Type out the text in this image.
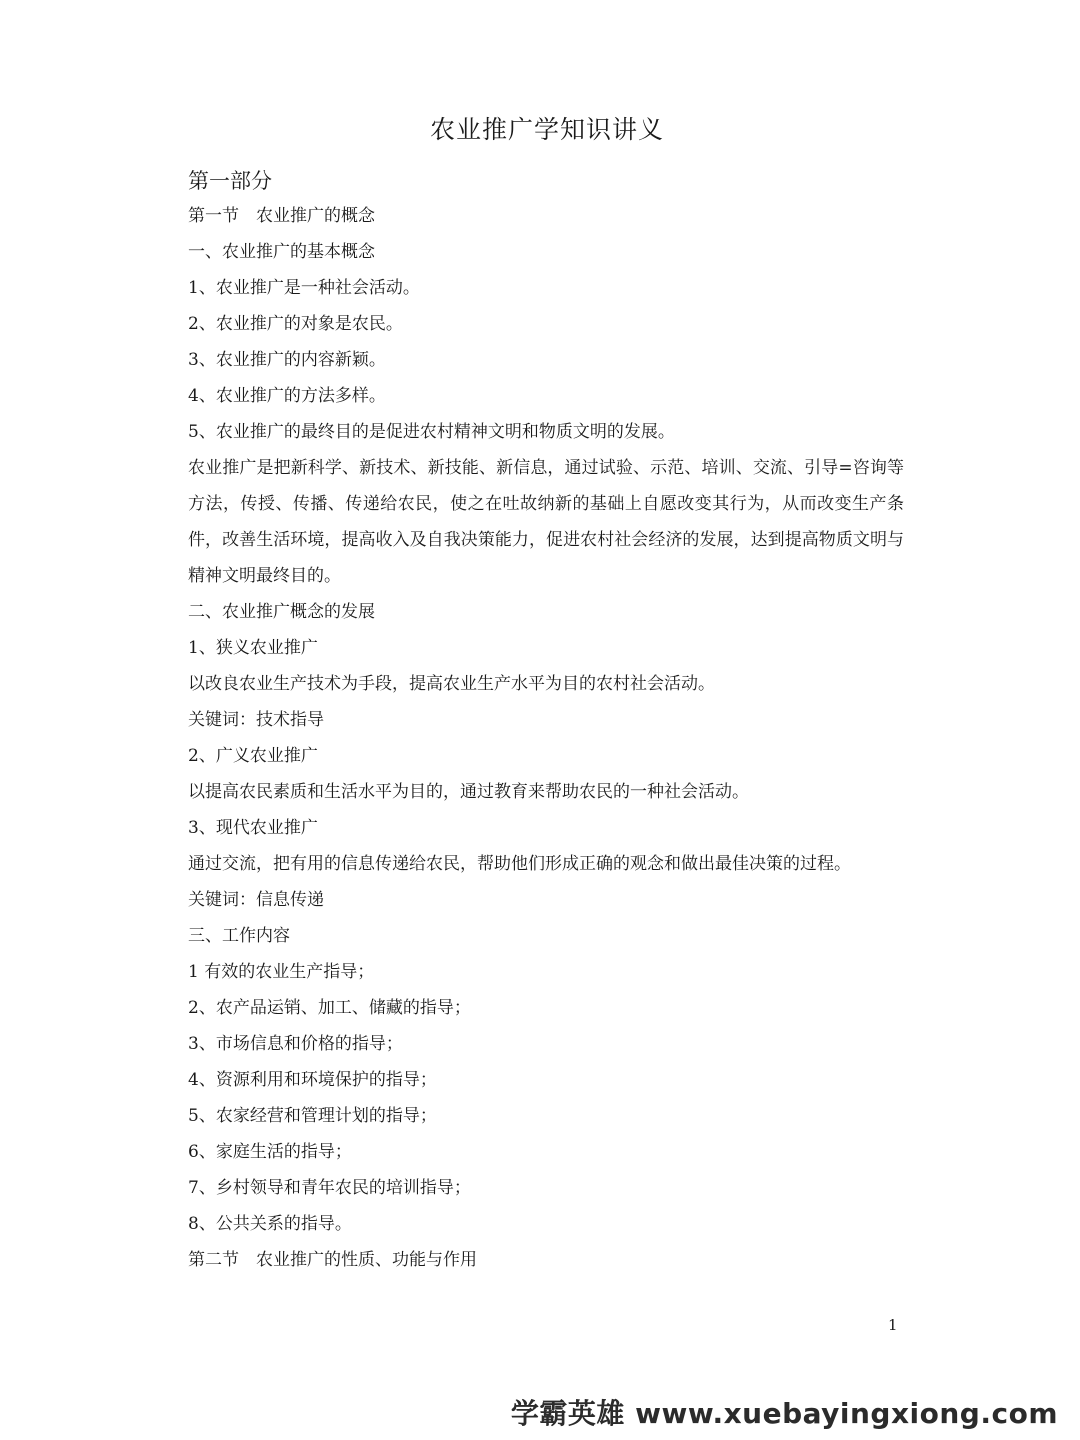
农业推广学知识讲义
第一部分
第一节　农业推广的概念
一、农业推广的基本概念
1、农业推广是一种社会活动。
2、农业推广的对象是农民。
3、农业推广的内容新颖。
4、农业推广的方法多样。
5、农业推广的最终目的是促进农村精神文明和物质文明的发展。
农业推广是把新科学、新技术、新技能、新信息，通过试验、示范、培训、交流、引导=咨询等方法，传授、传播、传递给农民，使之在吐故纳新的基础上自愿改变其行为，从而改变生产条件，改善生活环境，提高收入及自我决策能力，促进农村社会经济的发展，达到提高物质文明与精神文明最终目的。
二、农业推广概念的发展
1、狭义农业推广
以改良农业生产技术为手段，提高农业生产水平为目的农村社会活动。
关键词：技术指导
2、广义农业推广
以提高农民素质和生活水平为目的，通过教育来帮助农民的一种社会活动。
3、现代农业推广
通过交流，把有用的信息传递给农民，帮助他们形成正确的观念和做出最佳决策的过程。
关键词：信息传递
三、工作内容
1 有效的农业生产指导；
2、农产品运销、加工、储藏的指导；
3、市场信息和价格的指导；
4、资源利用和环境保护的指导；
5、农家经营和管理计划的指导；
6、家庭生活的指导；
7、乡村领导和青年农民的培训指导；
8、公共关系的指导。
第二节　农业推广的性质、功能与作用
1
学霸英雄 www.xuebayingxiong.com
